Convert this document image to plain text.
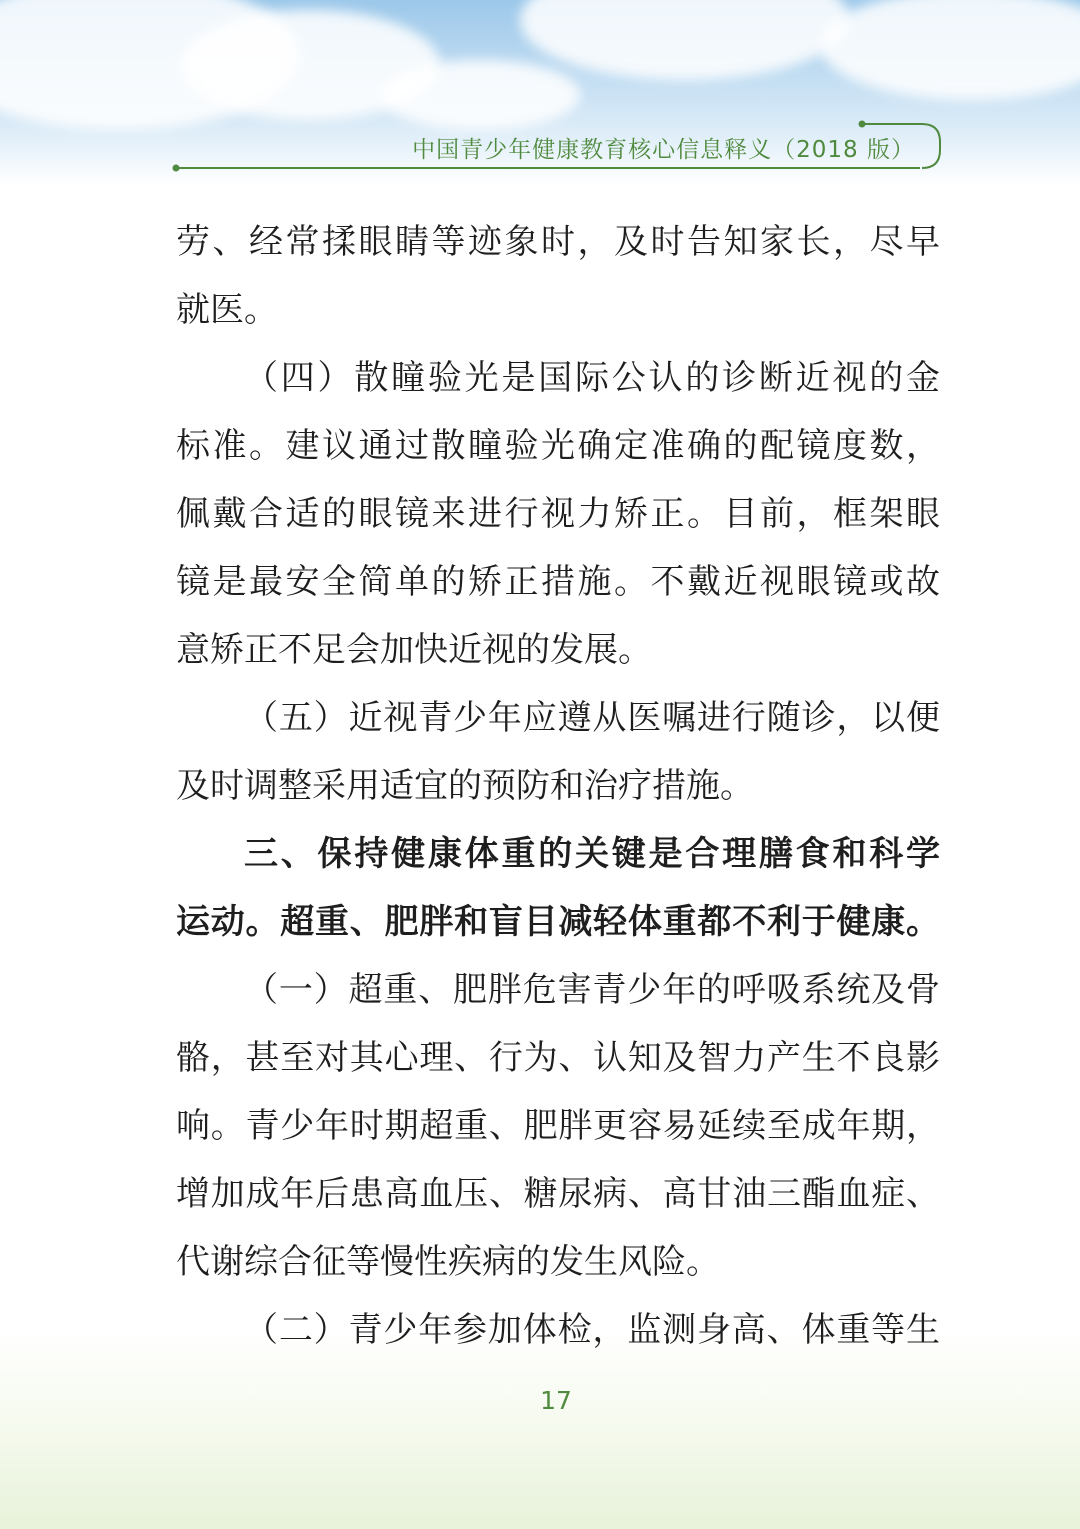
中国青少年健康教育核心信息释义（2018 版）
劳、经常揉眼睛等迹象时，及时告知家长，尽早
就医。
（四）散瞳验光是国际公认的诊断近视的金
标准。建议通过散瞳验光确定准确的配镜度数，
佩戴合适的眼镜来进行视力矫正。目前，框架眼
镜是最安全简单的矫正措施。不戴近视眼镜或故
意矫正不足会加快近视的发展。
（五）近视青少年应遵从医嘱进行随诊，以便
及时调整采用适宜的预防和治疗措施。
三、保持健康体重的关键是合理膳食和科学
运动。超重、肥胖和盲目减轻体重都不利于健康。
（一）超重、肥胖危害青少年的呼吸系统及骨
骼，甚至对其心理、行为、认知及智力产生不良影
响。青少年时期超重、肥胖更容易延续至成年期，
增加成年后患高血压、糖尿病、高甘油三酯血症、
代谢综合征等慢性疾病的发生风险。
（二）青少年参加体检，监测身高、体重等生
17
